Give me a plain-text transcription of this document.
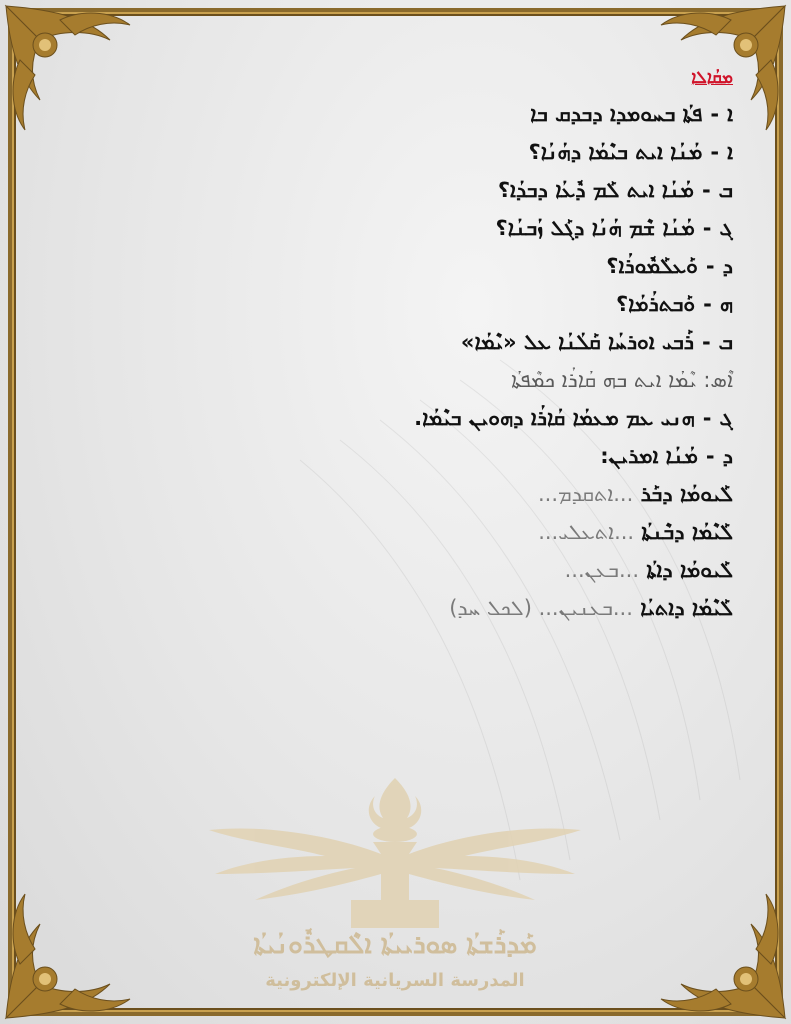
ܡܩܳܐܠܐ
ܐ-ܦܬܳܐ ܒܚܘܡܕܐ ܕܒܕܩ ܒܐ
ܐ-ܡܳܢܳܐ ܐܝܬ ܒܝܶܡܳܐ ܕܗܳܢܳܐ؟
ܒ-ܡܳܢܳܐ ܐܝܬ ܠܰܡ ܕܽܥܳܐ ܕܒܕܳܐ؟
ܓ-ܡܳܢܳܐ ܫܶܡ ܗܳܢܳܐ ܕܓܰܠ ܙܳܒܢܳܐ؟
ܕ-ܘܰܥܠܰܡܽܘܪܳܐ؟
ܗ-ܘܰܒܬܪܳܡܳܐ؟
ܒ-ܪܰܒܝ ܐܘܪܚܳܐ ܩܰܠܳܢܳܐ ܥܠ «ܝܶܡܳܐ»
ܐܶܣ: ܝܶܡܳܐ ܐܝܬ ܒܗ ܩܳܐܪܳܐ ܟܡܶܦܬܳܐ
ܓ-ܗܢܝ ܥܡ ܡܥܡܳܐ ܩܳܐܪܳܐ ܕܗܘܝܢ ܒܝܶܡܳܐ.
ܕ-ܡܳܢܳܐ ܐܡܪܝܢ:
ܠܰܝܘܡܳܐ ܕܒܰܪ ...ܐܬܩܕܡ...
ܠܰܝܶܡܳܐ ܕܒܶܢܬܳܐ ...ܐܬܥܠܝ...
ܠܰܝܘܡܳܐ ܕܐܬܳܐ ...ܒܥܢ...
ܠܰܝܶܡܳܐ ܕܐܬܝܳܐ ...ܒܥܢܝܢ... (ܠܟܠ ܚܕ)
ܡܰܕܪܰܫܬܳܐ ܣܘܪܝܝܬܳܐ ܐܠܶܩܛܪܽܘܢܳܝܬܳܐ
المدرسة السريانية الإلكترونية
